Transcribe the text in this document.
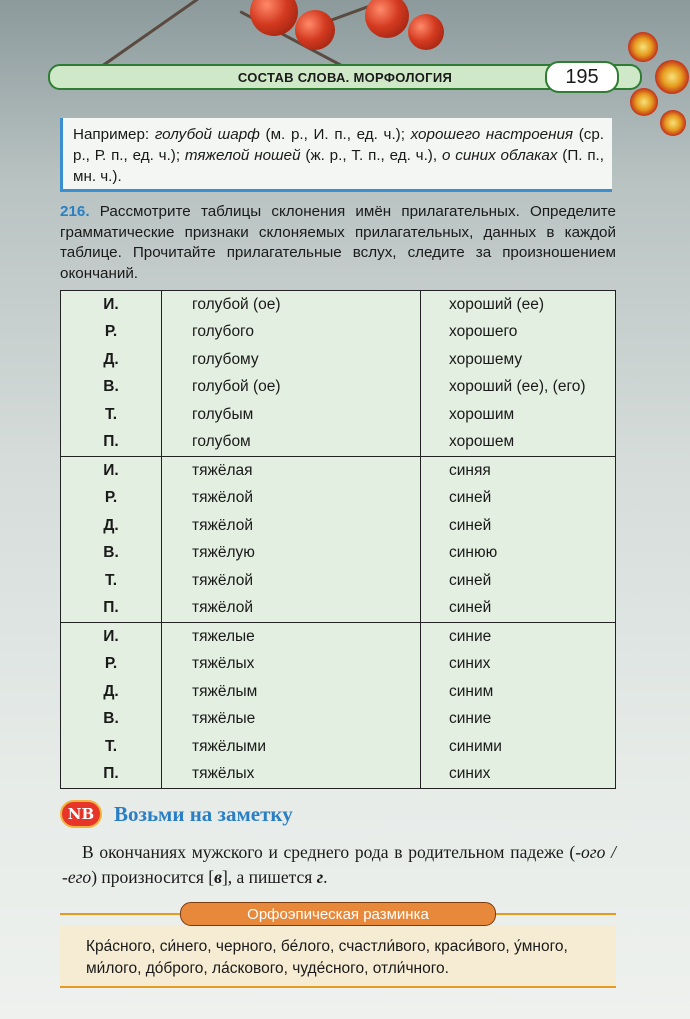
СОСТАВ СЛОВА. МОРФОЛОГИЯ	195
Например: голубой шарф (м. р., И. п., ед. ч.); хорошего настроения (ср. р., Р. п., ед. ч.); тяжелой ношей (ж. р., Т. п., ед. ч.), о синих облаках (П. п., мн. ч.).
216. Рассмотрите таблицы склонения имён прилагательных. Определите грамматические признаки склоняемых прилагательных, данных в каждой таблице. Прочитайте прилагательные вслух, следите за произношением окончаний.
И.	голубой (ое)	хороший (ее)
Р.	голубого	хорошего
Д.	голубому	хорошему
В.	голубой (ое)	хороший (ее), (его)
Т.	голубым	хорошим
П.	голубом	хорошем
И.	тяжёлая	синяя
Р.	тяжёлой	синей
Д.	тяжёлой	синей
В.	тяжёлую	синюю
Т.	тяжёлой	синей
П.	тяжёлой	синей
И.	тяжелые	синие
Р.	тяжёлых	синих
Д.	тяжёлым	синим
В.	тяжёлые	синие
Т.	тяжёлыми	синими
П.	тяжёлых	синих
NB Возьми на заметку
В окончаниях мужского и среднего рода в родительном падеже (-ого / -его) произносится [в], а пишется г.
Орфоэпическая разминка
Кра́сного, си́него, черного, бе́лого, счастли́вого, краси́вого, у́много, ми́лого, до́брого, ла́скового, чуде́сного, отли́чного.
